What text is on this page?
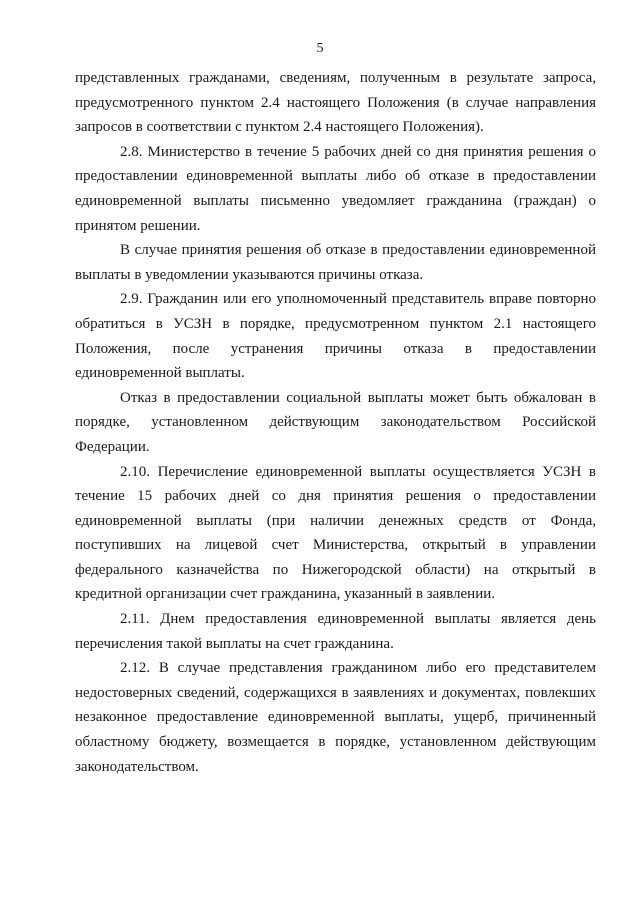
5

представленных гражданами, сведениям, полученным в результате запроса, предусмотренного пунктом 2.4 настоящего Положения (в случае направления запросов в соответствии с пунктом 2.4 настоящего Положения).

2.8. Министерство в течение 5 рабочих дней со дня принятия решения о предоставлении единовременной выплаты либо об отказе в предоставлении единовременной выплаты письменно уведомляет гражданина (граждан) о принятом решении.

В случае принятия решения об отказе в предоставлении единовременной выплаты в уведомлении указываются причины отказа.

2.9. Гражданин или его уполномоченный представитель вправе повторно обратиться в УСЗН в порядке, предусмотренном пунктом 2.1 настоящего Положения, после устранения причины отказа в предоставлении единовременной выплаты.

Отказ в предоставлении социальной выплаты может быть обжалован в порядке, установленном действующим законодательством Российской Федерации.

2.10. Перечисление единовременной выплаты осуществляется УСЗН в течение 15 рабочих дней со дня принятия решения о предоставлении единовременной выплаты (при наличии денежных средств от Фонда, поступивших на лицевой счет Министерства, открытый в управлении федерального казначейства по Нижегородской области) на открытый в кредитной организации счет гражданина, указанный в заявлении.

2.11. Днем предоставления единовременной выплаты является день перечисления такой выплаты на счет гражданина.

2.12. В случае представления гражданином либо его представителем недостоверных сведений, содержащихся в заявлениях и документах, повлекших незаконное предоставление единовременной выплаты, ущерб, причиненный областному бюджету, возмещается в порядке, установленном действующим законодательством.
